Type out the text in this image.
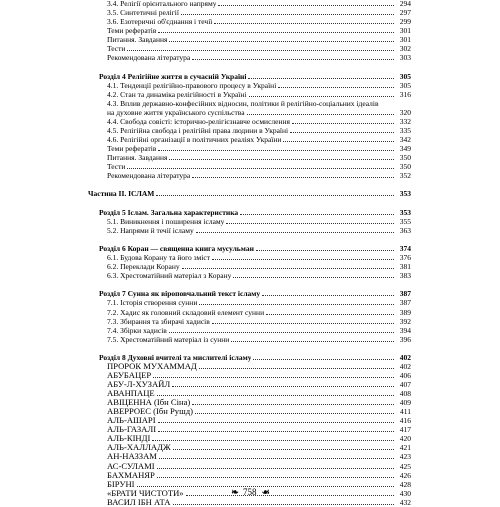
3.4. Релігії орієнтального напряму	294
3.5. Синтетичні релігії	297
3.6. Езотеричні об'єднання і течії	299
Теми рефератів	301
Питання. Завдання	301
Тести	302
Рекомендована література	303
Розділ 4 Релігійне життя в сучасній Україні	305
4.1. Тенденції релігійно-правового процесу в Україні	305
4.2. Стан та динаміка релігійності в Україні	316
4.3. Вплив державно-конфесійних відносин, політики й релігійно-соціальних ідеалів
на духовне життя українського суспільства	320
4.4. Свобода совісті: історично-релігієзнавче осмислення	332
4.5. Релігійна свобода і релігійні права людини в Україні	335
4.6. Релігійні організації в політичних реаліях України	342
Теми рефератів	349
Питання. Завдання	350
Тести	350
Рекомендована література	352
Частина II. ІСЛАМ	353
Розділ 5 Іслам. Загальна характеристика	353
5.1. Виникнення і поширення ісламу	355
5.2. Напрями й течії ісламу	363
Розділ 6 Коран — священна книга мусульман	374
6.1. Будова Корану та його зміст	376
6.2. Переклади Корану	381
6.3. Хрестоматійний матеріал з Корану	383
Розділ 7 Сунна як віроповчальний текст ісламу	387
7.1. Історія створення сунни	387
7.2. Хадис як головний складовий елемент сунни	389
7.3. Збирання та збирачі хадисів	392
7.4. Збірки хадисів	394
7.5. Хрестоматійний матеріал із сунни	396
Розділ 8 Духовні вчителі та мислителі ісламу	402
ПРОРОК МУХАММАД	402
АБУБАЦЕР	406
АБУ-Л-ХУЗАЙЛ	407
АВАНПАЦЕ	408
АВІЦЕННА (Ібн Сіна)	409
АВЕРРОЕС (Ібн Рушд)	411
АЛЬ-АШАРІ	416
АЛЬ-ГАЗАЛІ	417
АЛЬ-КІНДІ	420
АЛЬ-ХАЛЛАДЖ	421
АН-НАЗЗАМ	423
АС-СУЛАМІ	425
БАХМАНЯР	426
БІРУНІ	428
«БРАТИ ЧИСТОТИ»	430
ВАСИЛ ІБН АТА	432
❧ 758 ☙
